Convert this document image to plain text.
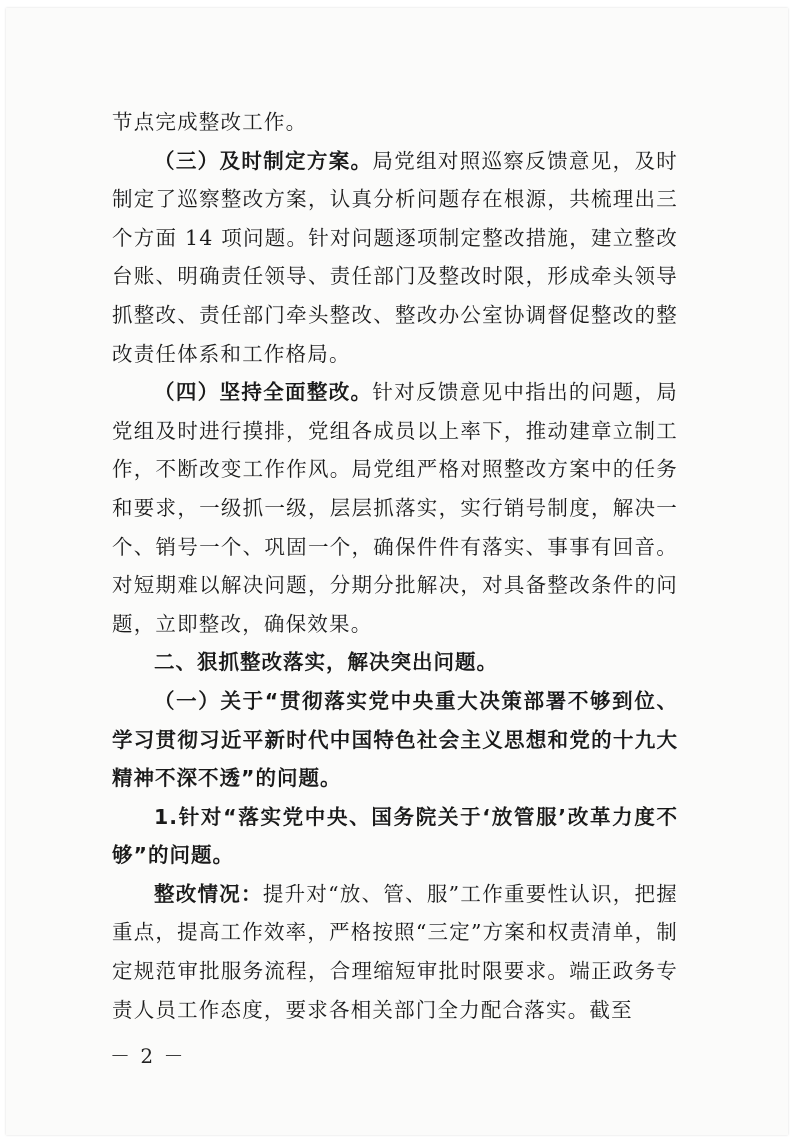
节点完成整改工作。

（三）及时制定方案。局党组对照巡察反馈意见，及时制定了巡察整改方案，认真分析问题存在根源，共梳理出三个方面 14 项问题。针对问题逐项制定整改措施，建立整改台账、明确责任领导、责任部门及整改时限，形成牵头领导抓整改、责任部门牵头整改、整改办公室协调督促整改的整改责任体系和工作格局。

（四）坚持全面整改。针对反馈意见中指出的问题，局党组及时进行摸排，党组各成员以上率下，推动建章立制工作，不断改变工作作风。局党组严格对照整改方案中的任务和要求，一级抓一级，层层抓落实，实行销号制度，解决一个、销号一个、巩固一个，确保件件有落实、事事有回音。对短期难以解决问题，分期分批解决，对具备整改条件的问题，立即整改，确保效果。

二、狠抓整改落实，解决突出问题。

（一）关于“贯彻落实党中央重大决策部署不够到位、学习贯彻习近平新时代中国特色社会主义思想和党的十九大精神不深不透”的问题。

1.针对“落实党中央、国务院关于‘放管服’改革力度不够”的问题。

整改情况：提升对“放、管、服”工作重要性认识，把握重点，提高工作效率，严格按照“三定”方案和权责清单，制定规范审批服务流程，合理缩短审批时限要求。端正政务专责人员工作态度，要求各相关部门全力配合落实。截至

－ 2 －
